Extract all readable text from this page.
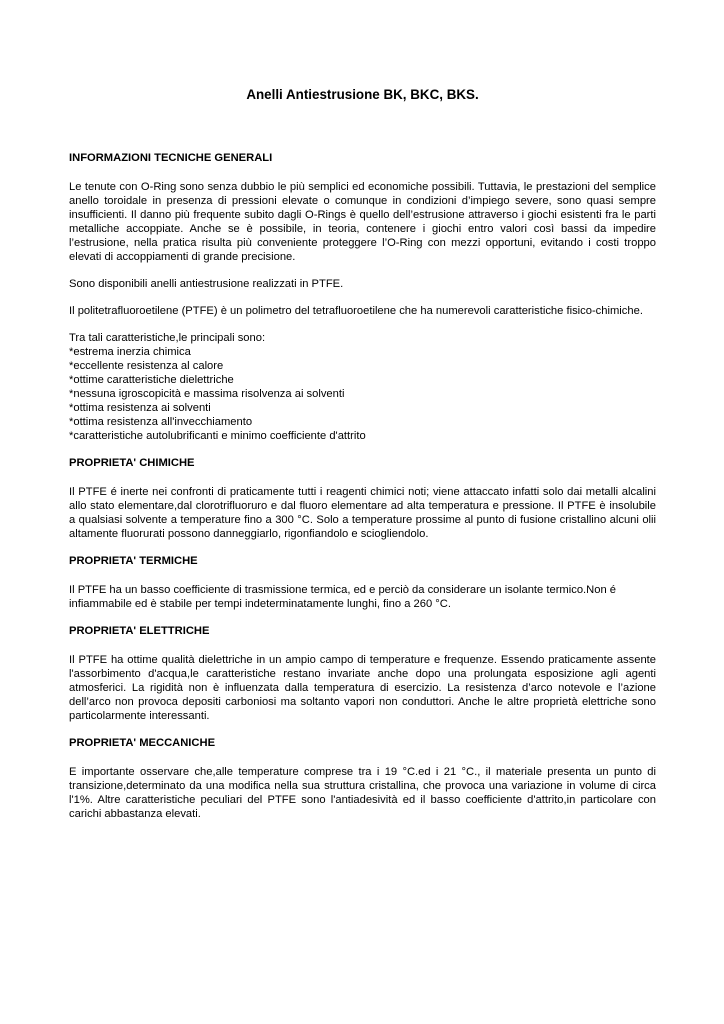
Anelli Antiestrusione BK, BKC, BKS.

INFORMAZIONI TECNICHE GENERALI

Le tenute con O-Ring sono senza dubbio le più semplici ed economiche possibili. Tuttavia, le prestazioni del semplice anello toroidale in presenza di pressioni elevate o comunque in condizioni d’impiego severe, sono quasi sempre insufficienti. Il danno più frequente subito dagli O-Rings è quello dell’estrusione attraverso i giochi esistenti fra le parti metalliche accoppiate. Anche se è possibile, in teoria, contenere i giochi entro valori così bassi da impedire l’estrusione, nella pratica risulta più conveniente proteggere l’O-Ring con mezzi opportuni, evitando i costi troppo elevati di accoppiamenti di grande precisione.

Sono disponibili anelli antiestrusione realizzati in PTFE.

Il politetrafluoroetilene (PTFE) è un polimetro del tetrafluoroetilene che ha numerevoli caratteristiche fisico-chimiche.

Tra tali caratteristiche,le principali sono:
*estrema inerzia chimica
*eccellente resistenza al calore
*ottime caratteristiche dielettriche
*nessuna igroscopicità e massima risolvenza ai solventi
*ottima resistenza ai solventi
*ottima resistenza all'invecchiamento
*caratteristiche autolubrificanti e minimo coefficiente d'attrito

PROPRIETA' CHIMICHE

Il PTFE é inerte nei confronti di praticamente tutti i reagenti chimici noti; viene attaccato infatti solo dai metalli alcalini allo stato elementare,dal clorotrifluoruro e dal fluoro elementare ad alta temperatura e pressione. Il PTFE è insolubile a qualsiasi solvente a temperature fino a 300 °C. Solo a temperature prossime al punto di fusione cristallino alcuni olii altamente fluorurati possono danneggiarlo, rigonfiandolo e sciogliendolo.

PROPRIETA' TERMICHE

Il PTFE ha un basso coefficiente di trasmissione termica, ed e perciò da considerare un isolante termico.Non é infiammabile ed è stabile per tempi indeterminatamente lunghi, fino a 260 °C.

PROPRIETA' ELETTRICHE

Il PTFE ha ottime qualità dielettriche in un ampio campo di temperature e frequenze. Essendo praticamente assente l'assorbimento d'acqua,le caratteristiche restano invariate anche dopo una prolungata esposizione agli agenti atmosferici. La rigidità non è influenzata dalla temperatura di esercizio. La resistenza d’arco notevole e l’azione dell’arco non provoca depositi carboniosi ma soltanto vapori non conduttori. Anche le altre proprietà elettriche sono particolarmente interessanti.

PROPRIETA' MECCANICHE

E importante osservare che,alle temperature comprese tra i 19 °C.ed i 21 °C., il materiale presenta un punto di transizione,determinato da una modifica nella sua struttura cristallina, che provoca una variazione in volume di circa l'1%. Altre caratteristiche peculiari del PTFE sono l'antiadesività ed il basso coefficiente d'attrito,in particolare con carichi abbastanza elevati.
